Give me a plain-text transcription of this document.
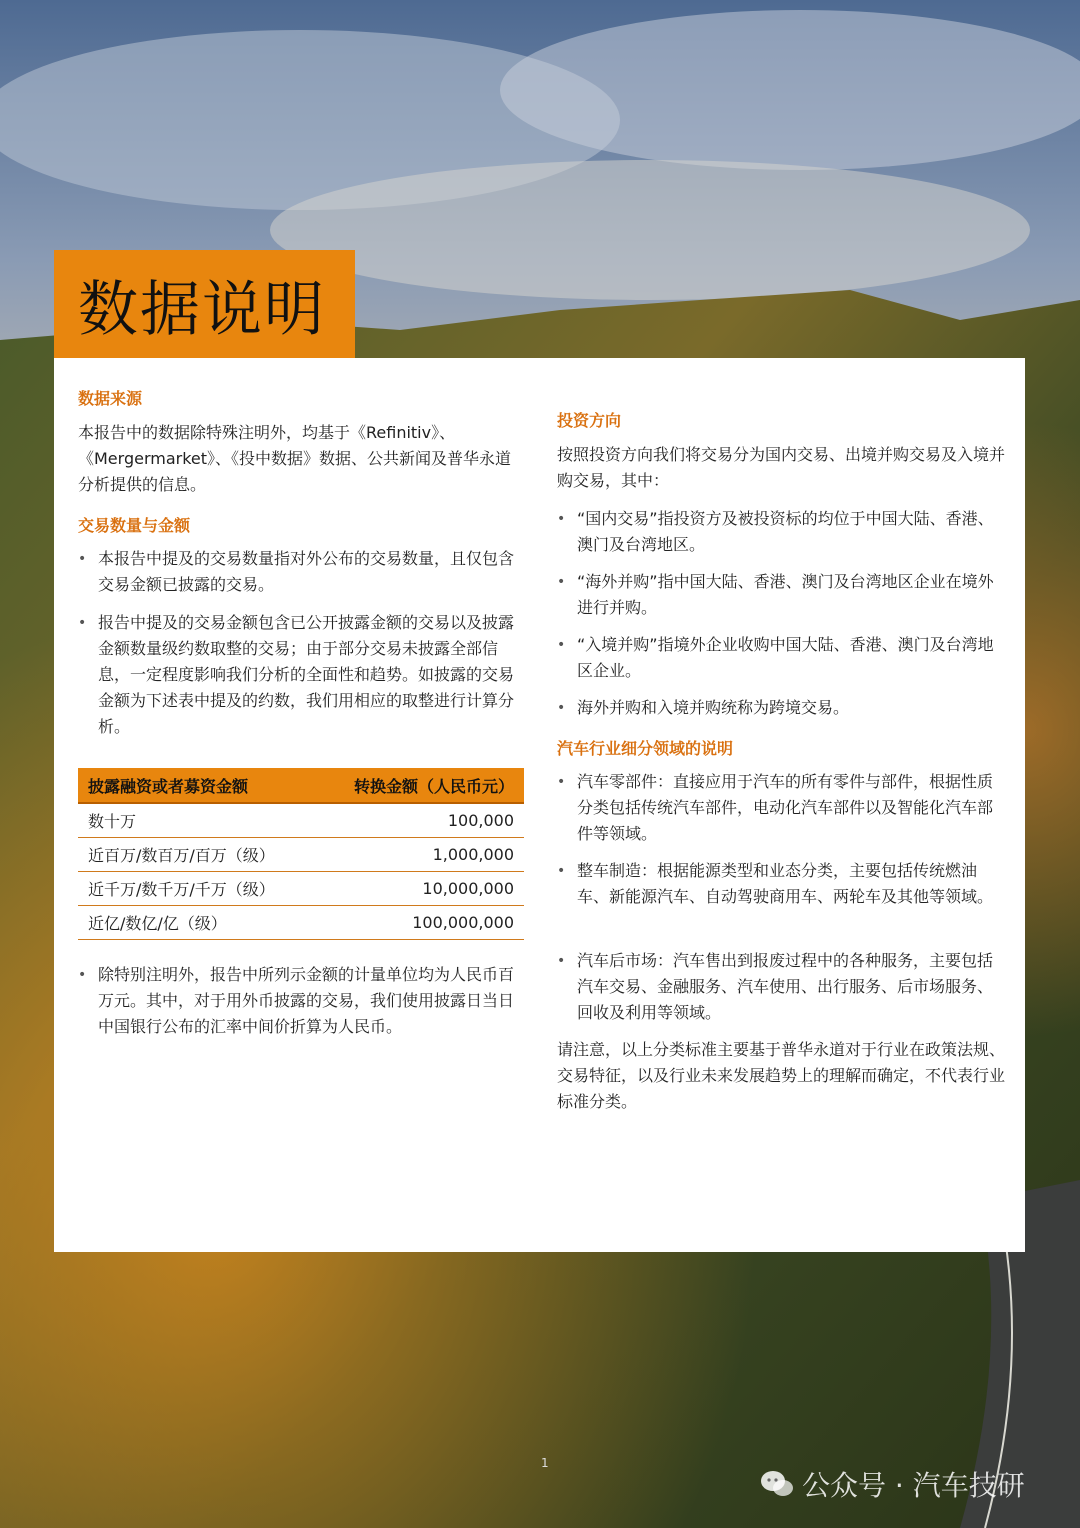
数据说明
数据来源

本报告中的数据除特殊注明外，均基于《Refinitiv》、《Mergermarket》、《投中数据》数据、公共新闻及普华永道分析提供的信息。

交易数量与金额
• 本报告中提及的交易数量指对外公布的交易数量，且仅包含交易金额已披露的交易。
• 报告中提及的交易金额包含已公开披露金额的交易以及披露金额数量级约数取整的交易；由于部分交易未披露全部信息，一定程度影响我们分析的全面性和趋势。如披露的交易金额为下述表中提及的约数，我们用相应的取整进行计算分析。
披露融资或者募资金额	转换金额（人民币元）
数十万	100,000
近百万/数百万/百万（级）	1,000,000
近千万/数千万/千万（级）	10,000,000
近亿/数亿/亿（级）	100,000,000
• 除特别注明外，报告中所列示金额的计量单位均为人民币百万元。其中，对于用外币披露的交易，我们使用披露日当日中国银行公布的汇率中间价折算为人民币。
投资方向

按照投资方向我们将交易分为国内交易、出境并购交易及入境并购交易，其中：

• “国内交易”指投资方及被投资标的均位于中国大陆、香港、澳门及台湾地区。
• “海外并购”指中国大陆、香港、澳门及台湾地区企业在境外进行并购。
• “入境并购”指境外企业收购中国大陆、香港、澳门及台湾地区企业。
• 海外并购和入境并购统称为跨境交易。
汽车行业细分领域的说明
• 汽车零部件：直接应用于汽车的所有零件与部件，根据性质分类包括传统汽车部件，电动化汽车部件以及智能化汽车部件等领域。
• 整车制造：根据能源类型和业态分类，主要包括传统燃油车、新能源汽车、自动驾驶商用车、两轮车及其他等领域。
• 汽车后市场：汽车售出到报废过程中的各种服务，主要包括汽车交易、金融服务、汽车使用、出行服务、后市场服务、回收及利用等领域。

请注意，以上分类标准主要基于普华永道对于行业在政策法规、交易特征，以及行业未来发展趋势上的理解而确定，不代表行业标准分类。

1
公众号 · 汽车技研
